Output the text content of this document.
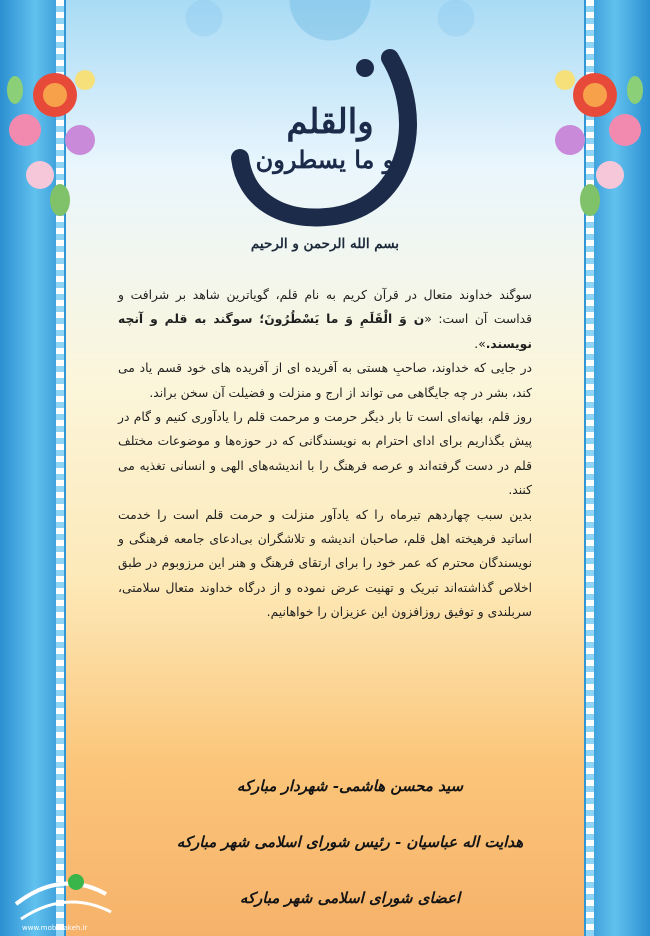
والقلم
و ما یسطرون
بسم الله الرحمن و الرحیم

سوگند خداوند متعال در قرآن کریم به نام قلم، گویاترین شاهد بر شرافت و قداست آن است: «ن وَ الْقَلَمِ وَ ما یَسْطُرُونَ؛ سوگند به قلم و آنچه نویسند.».

در جایی که خداوند، صاحبِ هستی به آفریده ای از آفریده های خود قسم یاد می کند، بشر در چه جایگاهی می تواند از ارج و منزلت و فضیلت آن سخن براند.

روز قلم، بهانه‌ای است تا بار دیگر حرمت و مرحمت قلم را یادآوری کنیم و گام در پیش بگذاریم برای ادای احترام به نویسندگانی که در حوزه‌ها و موضوعات مختلف قلم در دست گرفته‌اند و عرصه فرهنگ را با اندیشه‌های الهی و انسانی تغذیه می کنند.

بدین سبب چهاردهم تیرماه را که یادآور منزلت و حرمت قلم است را خدمت اساتید فرهیخته اهل قلم، صاحبان اندیشه و تلاشگران بی‌ادعای جامعه فرهنگی و نویسندگان محترم که عمر خود را برای ارتقای فرهنگ و هنر این مرزوبوم در طبق اخلاص گذاشته‌اند تبریک و تهنیت عرض نموده و از درگاه خداوند متعال سلامتی، سربلندی و توفیق روزافزون این عزیزان را خواهانیم.

سید محسن هاشمی- شهردار مبارکه
هدایت اله عباسیان - رئیس شورای اسلامی شهر مبارکه
اعضای شورای اسلامی شهر مبارکه
www.mobarakeh.ir
